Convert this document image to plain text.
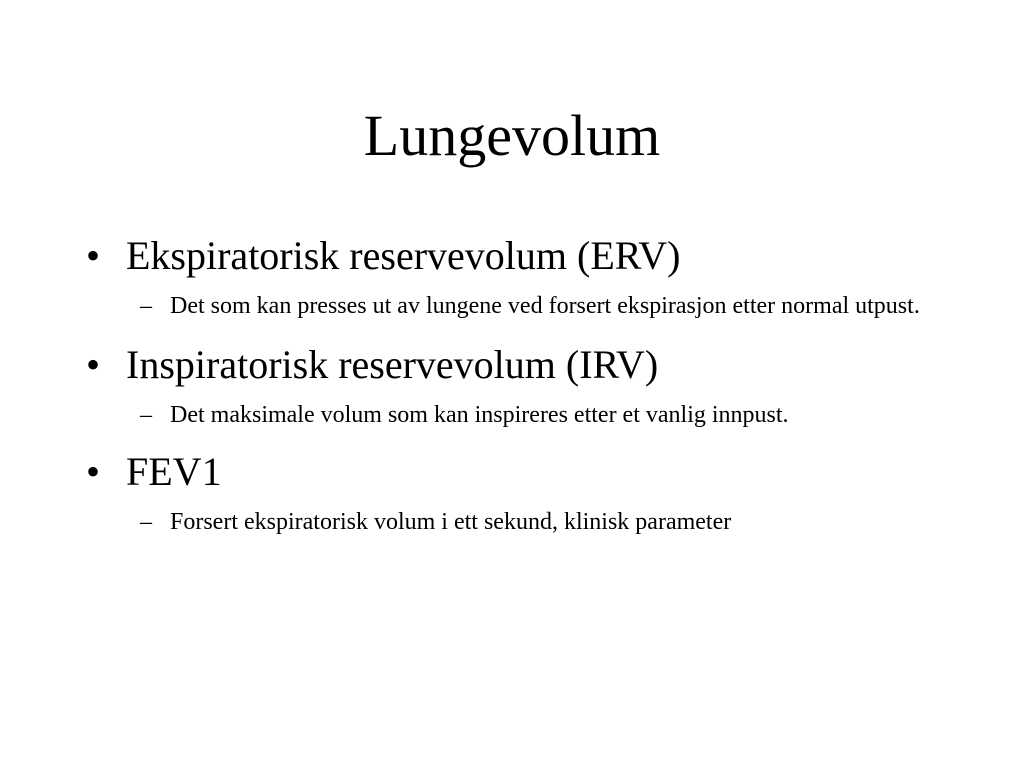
Lungevolum
• Ekspiratorisk reservevolum (ERV)
– Det som kan presses ut av lungene ved forsert ekspirasjon etter normal utpust.
• Inspiratorisk reservevolum (IRV)
– Det maksimale volum som kan inspireres etter et vanlig innpust.
• FEV1
– Forsert ekspiratorisk volum i ett sekund, klinisk parameter
